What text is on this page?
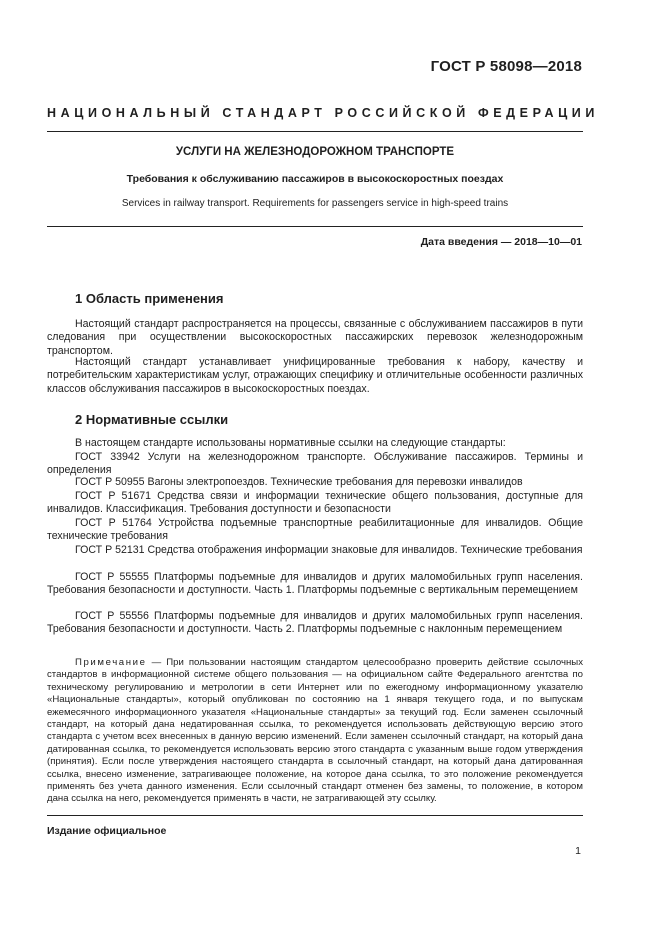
ГОСТ Р 58098—2018
НАЦИОНАЛЬНЫЙ СТАНДАРТ РОССИЙСКОЙ ФЕДЕРАЦИИ
УСЛУГИ НА ЖЕЛЕЗНОДОРОЖНОМ ТРАНСПОРТЕ
Требования к обслуживанию пассажиров в высокоскоростных поездах
Services in railway transport. Requirements for passengers service in high-speed trains
Дата введения — 2018—10—01
1 Область применения

Настоящий стандарт распространяется на процессы, связанные с обслуживанием пассажиров в пути следования при осуществлении высокоскоростных пассажирских перевозок железнодорожным транспортом.

Настоящий стандарт устанавливает унифицированные требования к набору, качеству и потребительским характеристикам услуг, отражающих специфику и отличительные особенности различных классов обслуживания пассажиров в высокоскоростных поездах.

2 Нормативные ссылки

В настоящем стандарте использованы нормативные ссылки на следующие стандарты:

ГОСТ 33942 Услуги на железнодорожном транспорте. Обслуживание пассажиров. Термины и определения

ГОСТ Р 50955 Вагоны электропоездов. Технические требования для перевозки инвалидов

ГОСТ Р 51671 Средства связи и информации технические общего пользования, доступные для инвалидов. Классификация. Требования доступности и безопасности

ГОСТ Р 51764 Устройства подъемные транспортные реабилитационные для инвалидов. Общие технические требования

ГОСТ Р 52131 Средства отображения информации знаковые для инвалидов. Технические требования

ГОСТ Р 55555 Платформы подъемные для инвалидов и других маломобильных групп населения. Требования безопасности и доступности. Часть 1. Платформы подъемные с вертикальным перемещением

ГОСТ Р 55556 Платформы подъемные для инвалидов и других маломобильных групп населения. Требования безопасности и доступности. Часть 2. Платформы подъемные с наклонным перемещением

Примечание — При пользовании настоящим стандартом целесообразно проверить действие ссылочных стандартов в информационной системе общего пользования — на официальном сайте Федерального агентства по техническому регулированию и метрологии в сети Интернет или по ежегодному информационному указателю «Национальные стандарты», который опубликован по состоянию на 1 января текущего года, и по выпускам ежемесячного информационного указателя «Национальные стандарты» за текущий год. Если заменен ссылочный стандарт, на который дана недатированная ссылка, то рекомендуется использовать действующую версию этого стандарта с учетом всех внесенных в данную версию изменений. Если заменен ссылочный стандарт, на который дана датированная ссылка, то рекомендуется использовать версию этого стандарта с указанным выше годом утверждения (принятия). Если после утверждения настоящего стандарта в ссылочный стандарт, на который дана датированная ссылка, внесено изменение, затрагивающее положение, на которое дана ссылка, то это положение рекомендуется применять без учета данного изменения. Если ссылочный стандарт отменен без замены, то положение, в котором дана ссылка на него, рекомендуется применять в части, не затрагивающей эту ссылку.

Издание официальное
1
